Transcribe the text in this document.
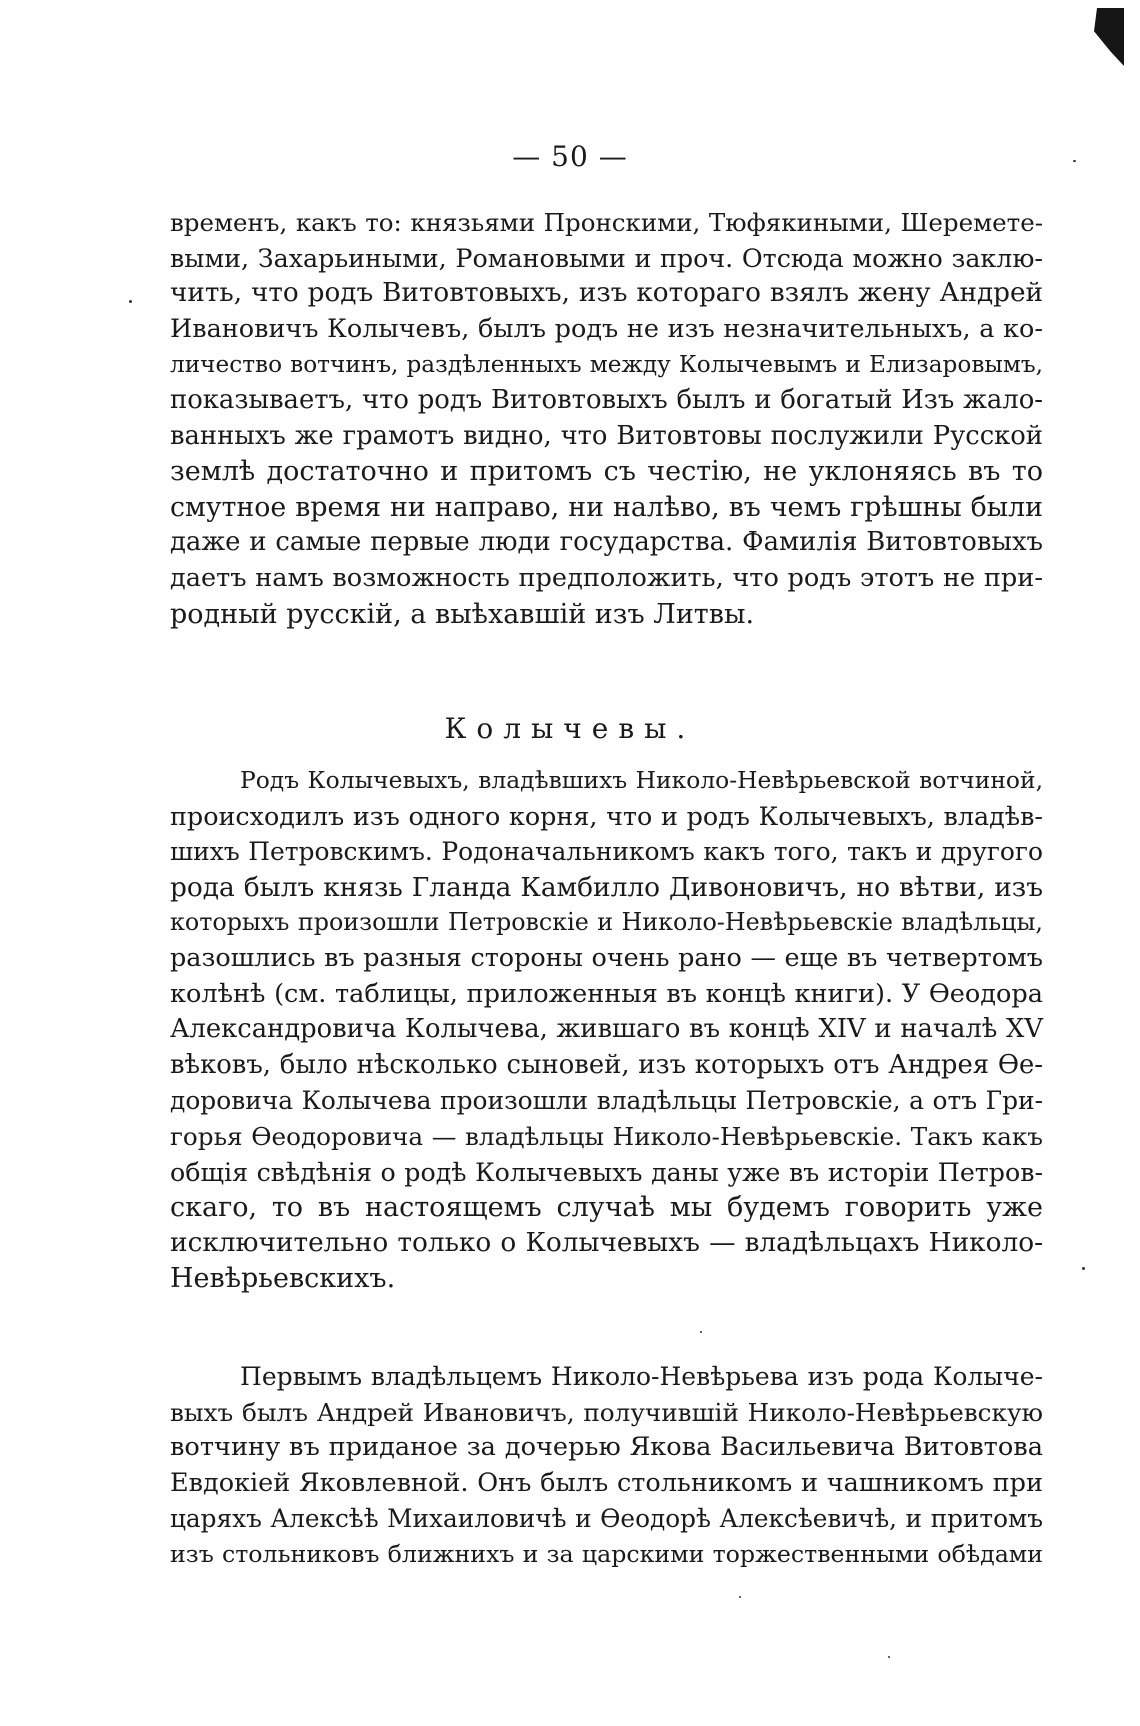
— 50 —
временъ, какъ то: князьями Пронскими, Тюфякиными, Шеремете-
выми, Захарьиными, Романовыми и проч. Отсюда можно заклю-
чить, что родъ Витовтовыхъ, изъ котораго взялъ жену Андрей
Ивановичъ Колычевъ, былъ родъ не изъ незначительныхъ, а ко-
личество вотчинъ, раздѣленныхъ между Колычевымъ и Елизаровымъ,
показываетъ, что родъ Витовтовыхъ былъ и богатый Изъ жало-
ванныхъ же грамотъ видно, что Витовтовы послужили Русской
землѣ достаточно и притомъ съ честію, не уклоняясь въ то
смутное время ни направо, ни налѣво, въ чемъ грѣшны были
даже и самые первые люди государства. Фамилія Витовтовыхъ
даетъ намъ возможность предположить, что родъ этотъ не при-
родный русскій, а выѣхавшій изъ Литвы.
Колычевы.
Родъ Колычевыхъ, владѣвшихъ Николо-Невѣрьевской вотчиной,
происходилъ изъ одного корня, что и родъ Колычевыхъ, владѣв-
шихъ Петровскимъ. Родоначальникомъ какъ того, такъ и другого
рода былъ князь Гланда Камбилло Дивоновичъ, но вѣтви, изъ
которыхъ произошли Петровскіе и Николо-Невѣрьевскіе владѣльцы,
разошлись въ разныя стороны очень рано — еще въ четвертомъ
колѣнѣ (см. таблицы, приложенныя въ концѣ книги). У Ѳеодора
Александровича Колычева, жившаго въ концѣ XIV и началѣ XV
вѣковъ, было нѣсколько сыновей, изъ которыхъ отъ Андрея Ѳе-
доровича Колычева произошли владѣльцы Петровскіе, а отъ Гри-
горья Ѳеодоровича — владѣльцы Николо-Невѣрьевскіе. Такъ какъ
общія свѣдѣнія о родѣ Колычевыхъ даны уже въ исторіи Петров-
скаго, то въ настоящемъ случаѣ мы будемъ говорить уже
исключительно только о Колычевыхъ — владѣльцахъ Николо-
Невѣрьевскихъ.
Первымъ владѣльцемъ Николо-Невѣрьева изъ рода Колыче-
выхъ былъ Андрей Ивановичъ, получившій Николо-Невѣрьевскую
вотчину въ приданое за дочерью Якова Васильевича Витовтова
Евдокіей Яковлевной. Онъ былъ стольникомъ и чашникомъ при
царяхъ Алексѣѣ Михаиловичѣ и Ѳеодорѣ Алексѣевичѣ, и притомъ
изъ стольниковъ ближнихъ и за царскими торжественными обѣдами
